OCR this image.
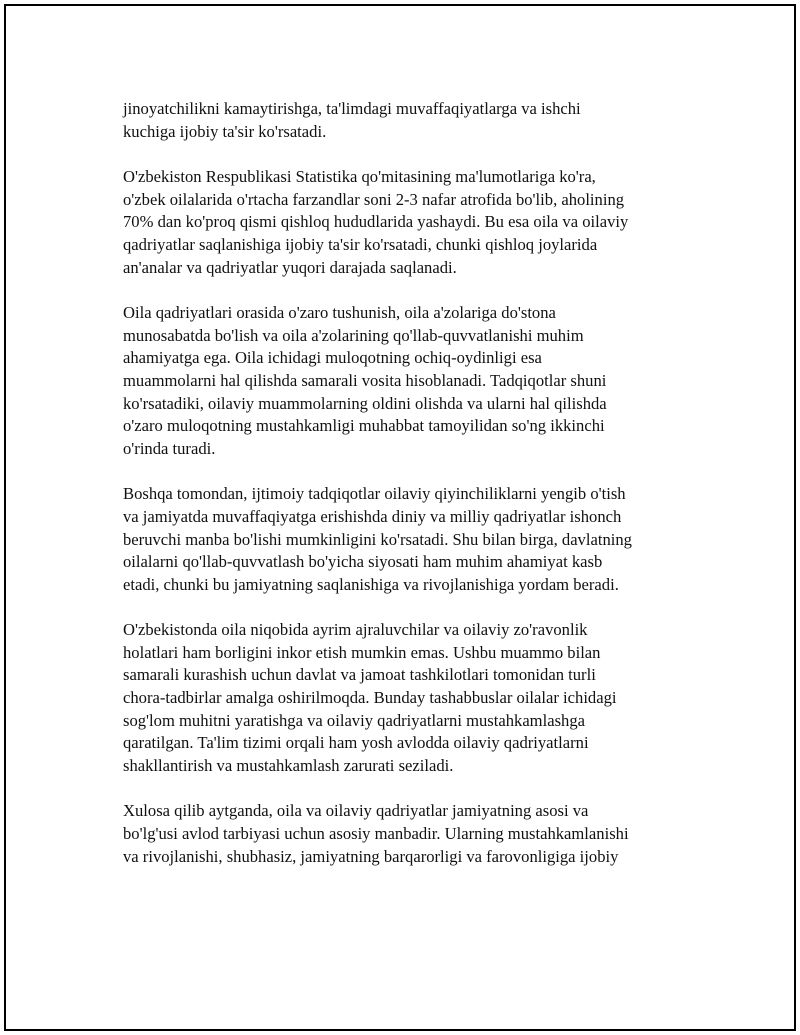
jinoyatchilikni kamaytirishga, ta'limdagi muvaffaqiyatlarga va ishchi
kuchiga ijobiy ta'sir ko'rsatadi.

O'zbekiston Respublikasi Statistika qo'mitasining ma'lumotlariga ko'ra,
o'zbek oilalarida o'rtacha farzandlar soni 2-3 nafar atrofida bo'lib, aholining
70% dan ko'proq qismi qishloq hududlarida yashaydi. Bu esa oila va oilaviy
qadriyatlar saqlanishiga ijobiy ta'sir ko'rsatadi, chunki qishloq joylarida
an'analar va qadriyatlar yuqori darajada saqlanadi.

Oila qadriyatlari orasida o'zaro tushunish, oila a'zolariga do'stona
munosabatda bo'lish va oila a'zolarining qo'llab-quvvatlanishi muhim
ahamiyatga ega. Oila ichidagi muloqotning ochiq-oydinligi esa
muammolarni hal qilishda samarali vosita hisoblanadi. Tadqiqotlar shuni
ko'rsatadiki, oilaviy muammolarning oldini olishda va ularni hal qilishda
o'zaro muloqotning mustahkamligi muhabbat tamoyilidan so'ng ikkinchi
o'rinda turadi.

Boshqa tomondan, ijtimoiy tadqiqotlar oilaviy qiyinchiliklarni yengib o'tish
va jamiyatda muvaffaqiyatga erishishda diniy va milliy qadriyatlar ishonch
beruvchi manba bo'lishi mumkinligini ko'rsatadi. Shu bilan birga, davlatning
oilalarni qo'llab-quvvatlash bo'yicha siyosati ham muhim ahamiyat kasb
etadi, chunki bu jamiyatning saqlanishiga va rivojlanishiga yordam beradi.

O'zbekistonda oila niqobida ayrim ajraluvchilar va oilaviy zo'ravonlik
holatlari ham borligini inkor etish mumkin emas. Ushbu muammo bilan
samarali kurashish uchun davlat va jamoat tashkilotlari tomonidan turli
chora-tadbirlar amalga oshirilmoqda. Bunday tashabbuslar oilalar ichidagi
sog'lom muhitni yaratishga va oilaviy qadriyatlarni mustahkamlashga
qaratilgan. Ta'lim tizimi orqali ham yosh avlodda oilaviy qadriyatlarni
shakllantirish va mustahkamlash zarurati seziladi.

Xulosa qilib aytganda, oila va oilaviy qadriyatlar jamiyatning asosi va
bo'lg'usi avlod tarbiyasi uchun asosiy manbadir. Ularning mustahkamlanishi
va rivojlanishi, shubhasiz, jamiyatning barqarorligi va farovonligiga ijobiy
